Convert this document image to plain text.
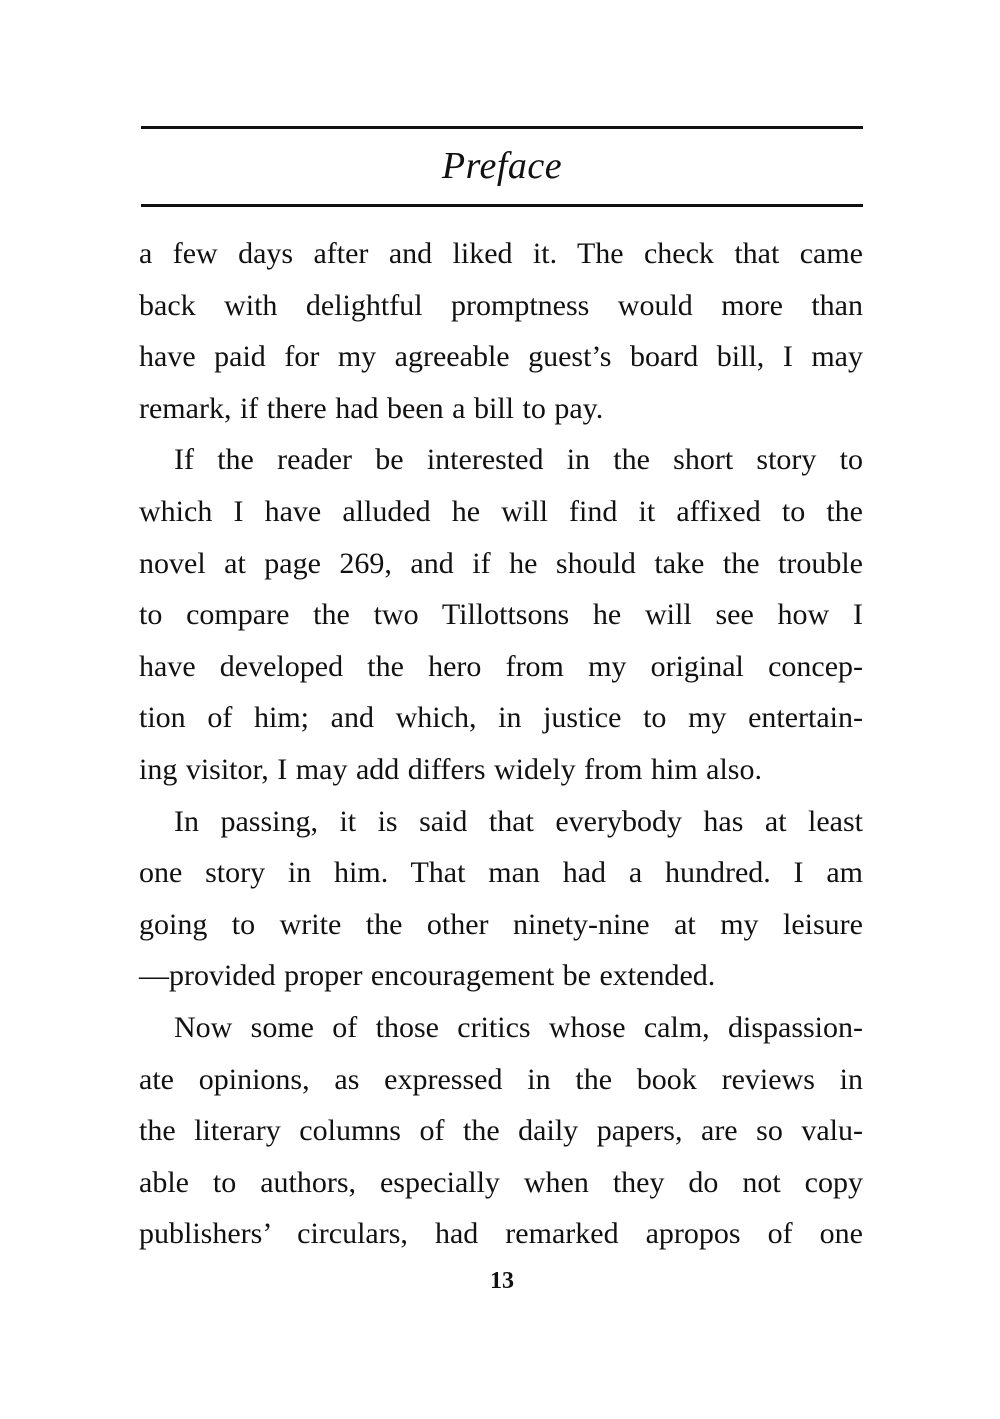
Preface
a few days after and liked it. The check that came
back with delightful promptness would more than
have paid for my agreeable guest’s board bill, I may
remark, if there had been a bill to pay.
If the reader be interested in the short story to
which I have alluded he will find it affixed to the
novel at page 269, and if he should take the trouble
to compare the two Tillottsons he will see how I
have developed the hero from my original concep-
tion of him; and which, in justice to my entertain-
ing visitor, I may add differs widely from him also.
In passing, it is said that everybody has at least
one story in him. That man had a hundred. I am
going to write the other ninety-nine at my leisure
—provided proper encouragement be extended.
Now some of those critics whose calm, dispassion-
ate opinions, as expressed in the book reviews in
the literary columns of the daily papers, are so valu-
able to authors, especially when they do not copy
publishers’ circulars, had remarked apropos of one
13
